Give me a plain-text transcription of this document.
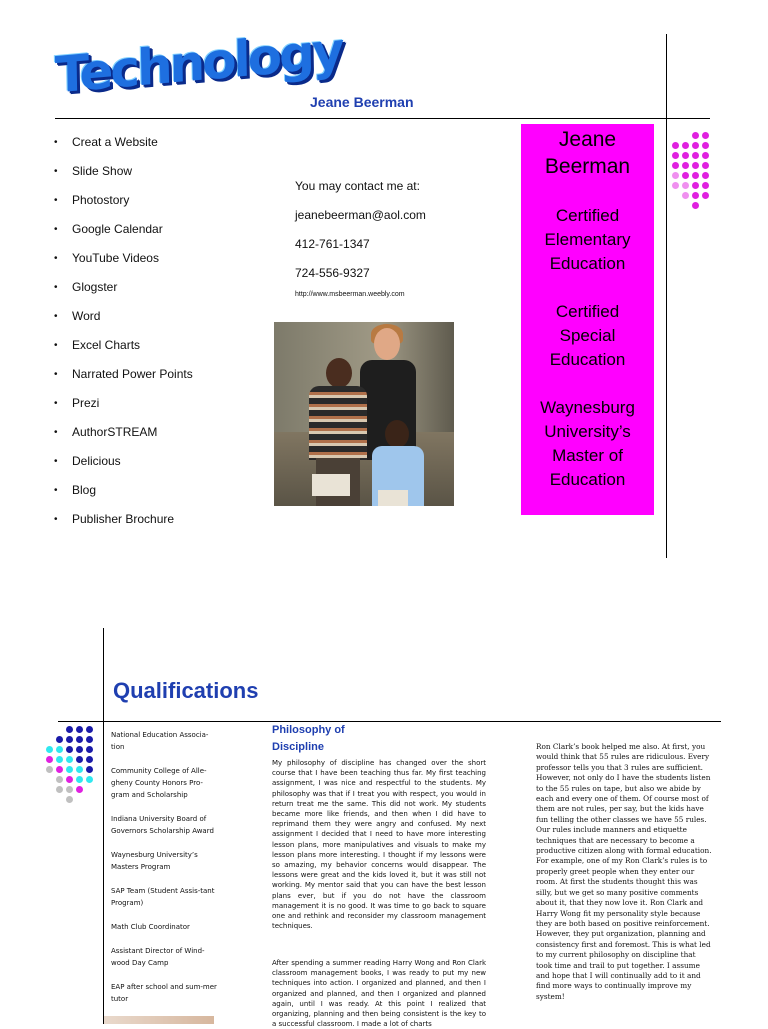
Technology
Jeane Beerman
• Creat a Website
• Slide Show
• Photostory
• Google Calendar
• YouTube Videos
• Glogster
• Word
• Excel Charts
• Narrated Power Points
• Prezi
• AuthorSTREAM
• Delicious
• Blog
• Publisher Brochure
You may contact me at:
jeanebeerman@aol.com
412-761-1347
724-556-9327
http://www.msbeerman.weebly.com
Jeane
Beerman
Certified
Elementary
Education
Certified
Special
Education
Waynesburg
University’s
Master of
Education
Qualifications

National Education Associa-tion

Community College of Alle-gheny County Honors Pro-gram and Scholarship

Indiana University Board of Governors Scholarship Award

Waynesburg University’s Masters Program

SAP Team (Student Assis-tant Program)

Math Club Coordinator

Assistant Director of Wind-wood Day Camp

EAP after school and sum-mer tutor

Philosophy of Discipline
My philosophy of discipline has changed over the short course that I have been teaching thus far. My first teaching assignment, I was nice and respectful to the students. My philosophy was that if I treat you with respect, you would in return treat me the same. This did not work. My students became more like friends, and then when I did have to reprimand them they were angry and confused. My next assignment I decided that I need to have more interesting lesson plans, more manipulatives and visuals to make my lesson plans more interesting. I thought if my lessons were so amazing, my behavior concerns would disappear. The lessons were great and the kids loved it, but it was still not working. My mentor said that you can have the best lesson plans ever, but if you do not have the classroom management it is no good. It was time to go back to square one and rethink and reconsider my classroom management techniques.
After spending a summer reading Harry Wong and Ron Clark classroom management books, I was ready to put my new techniques into action. I organized and planned, and then I organized and planned, and then I organized and planned again, until I was ready. At this point I realized that organizing, planning and then being consistent is the key to a successful classroom. I made a lot of charts
Ron Clark’s book helped me also. At first, you would think that 55 rules are ridiculous. Every professor tells you that 3 rules are sufficient. However, not only do I have the students listen to the 55 rules on tape, but also we abide by each and every one of them. Of course most of them are not rules, per say, but the kids have fun telling the other classes we have 55 rules. Our rules include manners and etiquette techniques that are necessary to become a productive citizen along with formal education. For example, one of my Ron Clark’s rules is to properly greet people when they enter our room. At first the students thought this was silly, but we get so many positive comments about it, that they now love it. Ron Clark and Harry Wong fit my personality style because they are both based on positive reinforcement. However, they put organization, planning and consistency first and foremost. This is what led to my current philosophy on discipline that took time and trail to put together. I assume and hope that I will continually add to it and find more ways to continually improve my system!
